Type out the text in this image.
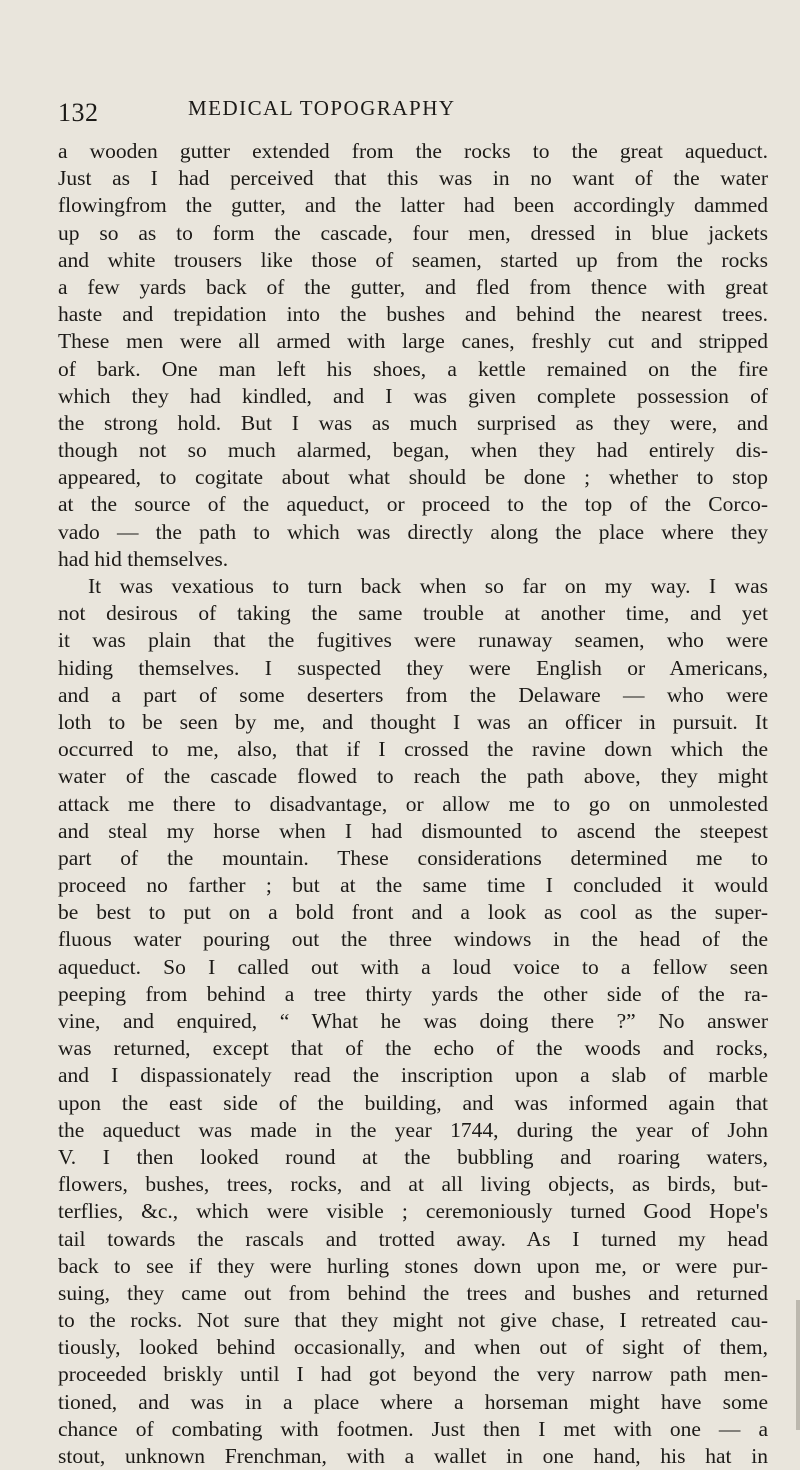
132	MEDICAL TOPOGRAPHY
a wooden gutter extended from the rocks to the great aqueduct.
Just as I had perceived that this was in no want of the water
flowingfrom the gutter, and the latter had been accordingly dammed
up so as to form the cascade, four men, dressed in blue jackets
and white trousers like those of seamen, started up from the rocks
a few yards back of the gutter, and fled from thence with great
haste and trepidation into the bushes and behind the nearest trees.
These men were all armed with large canes, freshly cut and stripped
of bark. One man left his shoes, a kettle remained on the fire
which they had kindled, and I was given complete possession of
the strong hold. But I was as much surprised as they were, and
though not so much alarmed, began, when they had entirely dis-
appeared, to cogitate about what should be done ; whether to stop
at the source of the aqueduct, or proceed to the top of the Corco-
vado — the path to which was directly along the place where they
had hid themselves.
It was vexatious to turn back when so far on my way. I was
not desirous of taking the same trouble at another time, and yet
it was plain that the fugitives were runaway seamen, who were
hiding themselves. I suspected they were English or Americans,
and a part of some deserters from the Delaware — who were
loth to be seen by me, and thought I was an officer in pursuit. It
occurred to me, also, that if I crossed the ravine down which the
water of the cascade flowed to reach the path above, they might
attack me there to disadvantage, or allow me to go on unmolested
and steal my horse when I had dismounted to ascend the steepest
part of the mountain. These considerations determined me to
proceed no farther ; but at the same time I concluded it would
be best to put on a bold front and a look as cool as the super-
fluous water pouring out the three windows in the head of the
aqueduct. So I called out with a loud voice to a fellow seen
peeping from behind a tree thirty yards the other side of the ra-
vine, and enquired, “ What he was doing there ?” No answer
was returned, except that of the echo of the woods and rocks,
and I dispassionately read the inscription upon a slab of marble
upon the east side of the building, and was informed again that
the aqueduct was made in the year 1744, during the year of John
V. I then looked round at the bubbling and roaring waters,
flowers, bushes, trees, rocks, and at all living objects, as birds, but-
terflies, &c., which were visible ; ceremoniously turned Good Hope's
tail towards the rascals and trotted away. As I turned my head
back to see if they were hurling stones down upon me, or were pur-
suing, they came out from behind the trees and bushes and returned
to the rocks. Not sure that they might not give chase, I retreated cau-
tiously, looked behind occasionally, and when out of sight of them,
proceeded briskly until I had got beyond the very narrow path men-
tioned, and was in a place where a horseman might have some
chance of combating with footmen. Just then I met with one — a
stout, unknown Frenchman, with a wallet in one hand, his hat in
